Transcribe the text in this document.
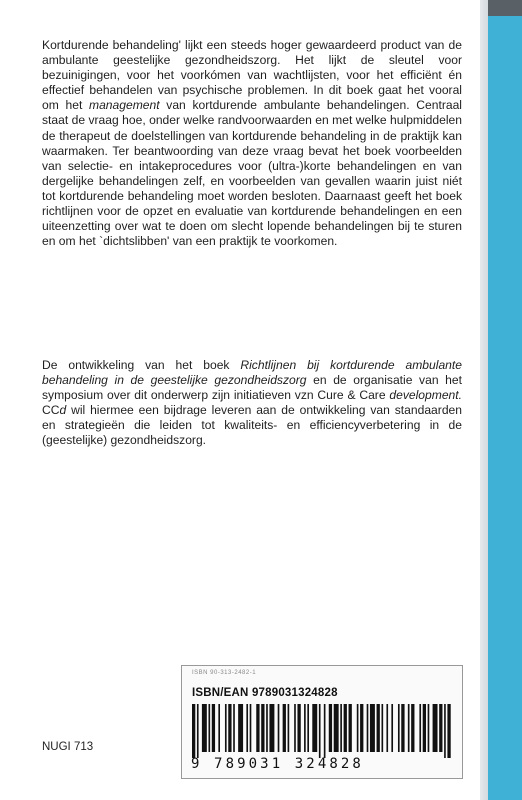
Kortdurende behandeling' lijkt een steeds hoger gewaardeerd product van de ambulante geestelijke gezondheidszorg. Het lijkt de sleutel voor bezuinigingen, voor het voorkómen van wachtlijsten, voor het efficiënt én effectief behandelen van psychische problemen. In dit boek gaat het vooral om het management van kortdurende ambulante behandelingen. Centraal staat de vraag hoe, onder welke randvoorwaarden en met welke hulpmiddelen de therapeut de doelstellingen van kortdurende behandeling in de praktijk kan waarmaken. Ter beantwoording van deze vraag bevat het boek voorbeelden van selectie- en intakeprocedures voor (ultra-)korte behandelingen en van dergelijke behandelingen zelf, en voorbeelden van gevallen waarin juist niét tot kortdurende behandeling moet worden besloten. Daarnaast geeft het boek richtlijnen voor de opzet en evaluatie van kortdurende behandelingen en een uiteenzetting over wat te doen om slecht lopende behandelingen bij te sturen en om het `dichtslibben' van een praktijk te voorkomen.

De ontwikkeling van het boek Richtlijnen bij kortdurende ambulante behandeling in de geestelijke gezondheidszorg en de organisatie van het symposium over dit onderwerp zijn initiatieven vzn Cure & Care development. CCd wil hiermee een bijdrage leveren aan de ontwikkeling van standaarden en strategieën die leiden tot kwaliteits- en efficiencyverbetering in de (geestelijke) gezondheidszorg.

ISBN 90-313-2482-1
ISBN/EAN 9789031324828
9 789031 324828
NUGI 713
